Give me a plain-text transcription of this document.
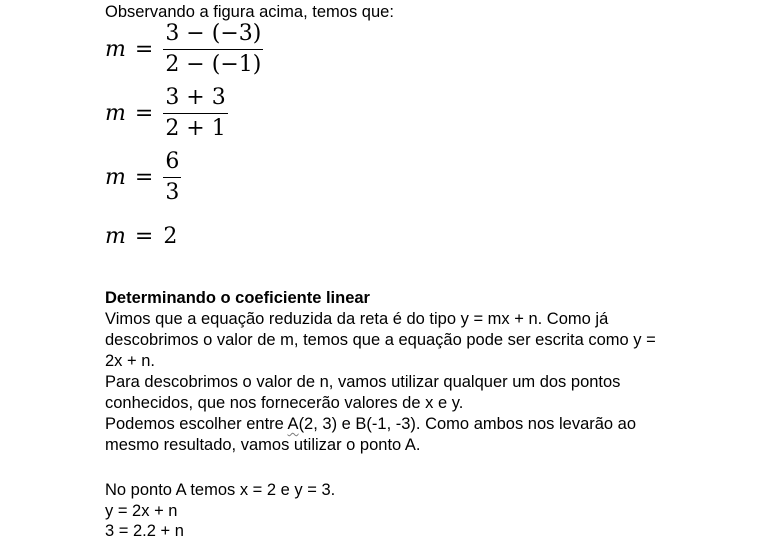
Observando a figura acima, temos que:
$m = \frac{3 - (-3)}{2 - (-1)}$
$m = \frac{3 + 3}{2 + 1}$
$m = \frac{6}{3}$
m = 2
Determinando o coeficiente linear
Vimos que a equação reduzida da reta é do tipo y = mx + n. Como já
descobrimos o valor de m, temos que a equação pode ser escrita como y =
2x + n.
Para descobrimos o valor de n, vamos utilizar qualquer um dos pontos
conhecidos, que nos fornecerão valores de x e y.
Podemos escolher entre A(2, 3) e B(-1, -3). Como ambos nos levarão ao
mesmo resultado, vamos utilizar o ponto A.
No ponto A temos x = 2 e y = 3.
y = 2x + n
3 = 2.2 + n
